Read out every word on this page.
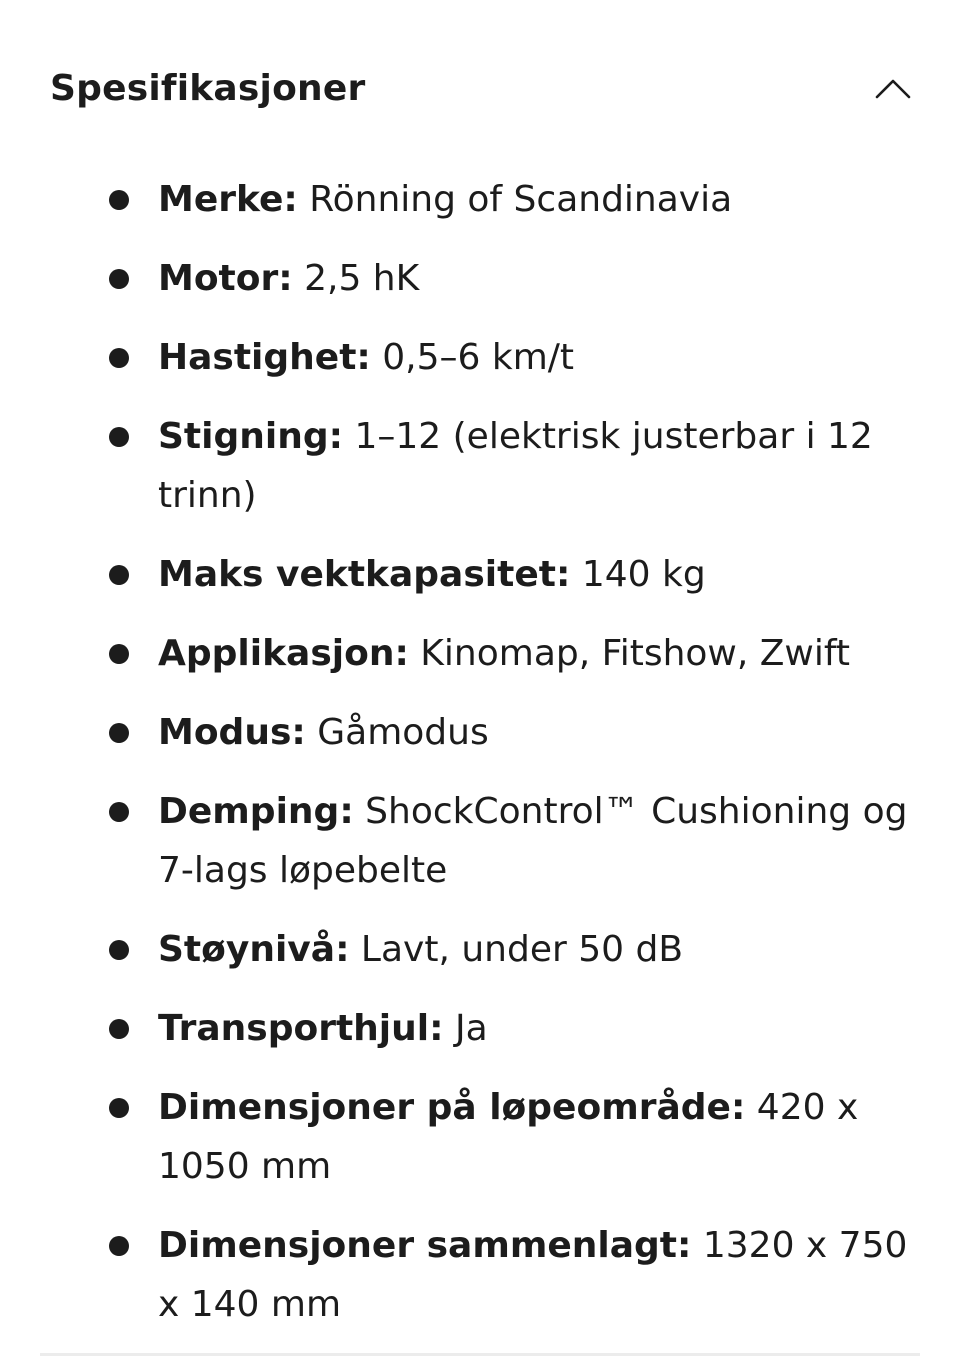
Spesifikasjoner
Merke: Rönning of Scandinavia
Motor: 2,5 hK
Hastighet: 0,5–6 km/t
Stigning: 1–12 (elektrisk justerbar i 12 trinn)
Maks vektkapasitet: 140 kg
Applikasjon: Kinomap, Fitshow, Zwift
Modus: Gåmodus
Demping: ShockControl™ Cushioning og 7-lags løpebelte
Støynivå: Lavt, under 50 dB
Transporthjul: Ja
Dimensjoner på løpeområde: 420 x 1050 mm
Dimensjoner sammenlagt: 1320 x 750 x 140 mm
